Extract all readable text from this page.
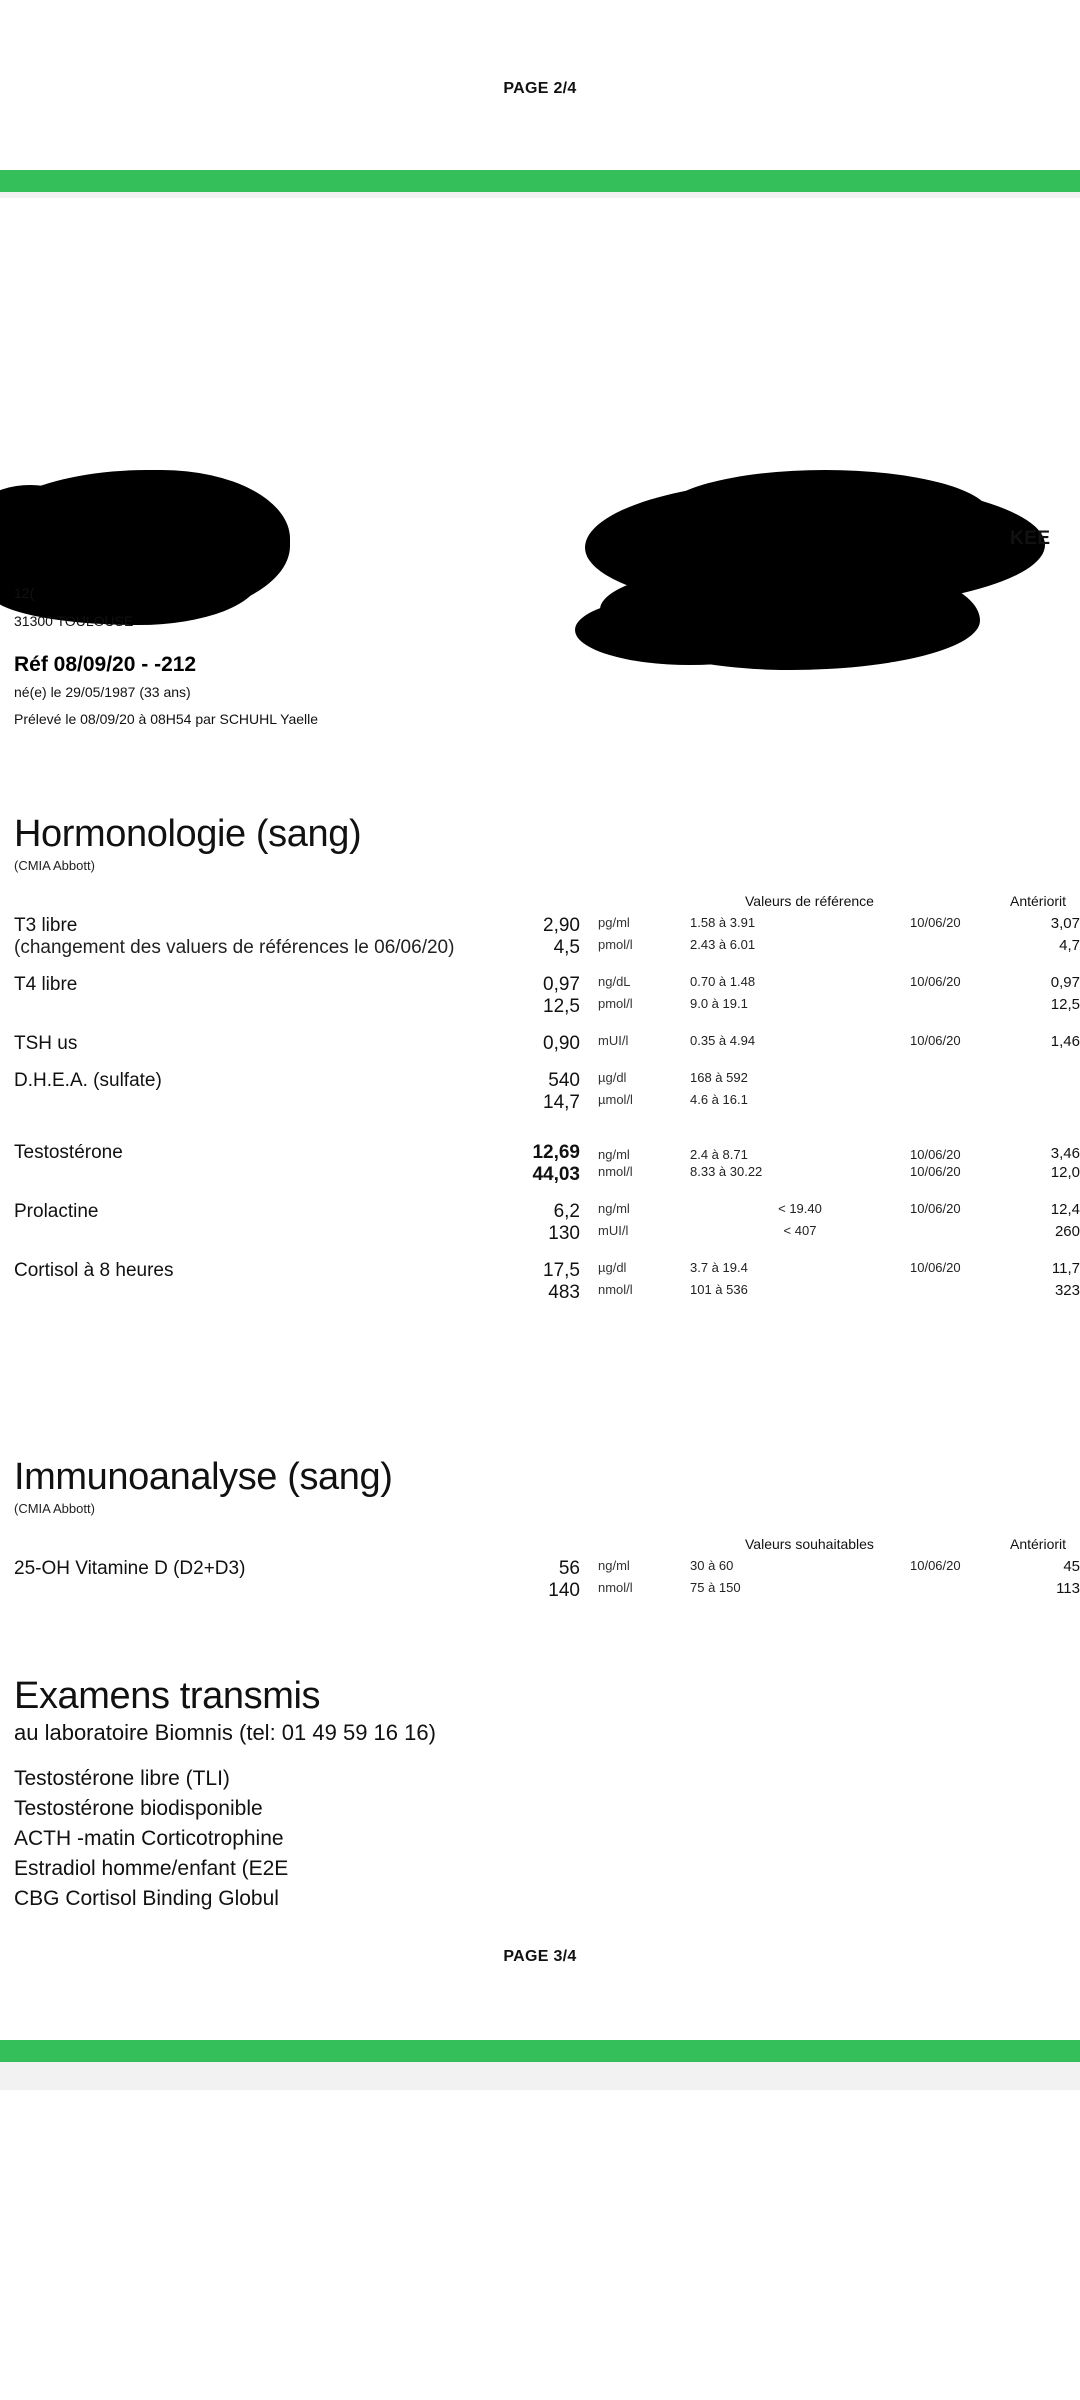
PAGE 2/4
KEE
12(
31300 TOULOUSE
Réf 08/09/20 - -212
né(e) le 29/05/1987 (33 ans)
Prélevé le 08/09/20 à 08H54 par SCHUHL Yaelle
Hormonologie (sang)
(CMIA Abbott)
Valeurs de référence	Antériorit
T3 libre	2,90	pg/ml	1.58 à 3.91	10/06/20	3,07
(changement des valuers de références le 06/06/20)	4,5	pmol/l	2.43 à 6.01		4,7
T4 libre	0,97	ng/dL	0.70 à 1.48	10/06/20	0,97
	12,5	pmol/l	9.0 à 19.1		12,5
TSH us	0,90	mUI/l	0.35 à 4.94	10/06/20	1,46
D.H.E.A. (sulfate)	540	µg/dl	168 à 592		
	14,7	µmol/l	4.6 à 16.1		
Testostérone	12,69	ng/ml	2.4 à 8.71	10/06/20	3,46
	44,03	nmol/l	8.33 à 30.22	10/06/20	12,0
Prolactine	6,2	ng/ml	< 19.40	10/06/20	12,4
	130	mUI/l	< 407		260
Cortisol à 8 heures	17,5	µg/dl	3.7 à 19.4	10/06/20	11,7
	483	nmol/l	101 à 536		323
Immunoanalyse (sang)
(CMIA Abbott)
Valeurs souhaitables	Antériorit
25-OH Vitamine D (D2+D3)	56	ng/ml	30 à 60	10/06/20	45
	140	nmol/l	75 à 150		113
Examens transmis
au laboratoire Biomnis (tel: 01 49 59 16 16)
Testostérone libre (TLI)
Testostérone biodisponible
ACTH -matin Corticotrophine
Estradiol homme/enfant (E2E
CBG Cortisol Binding Globul
PAGE 3/4
